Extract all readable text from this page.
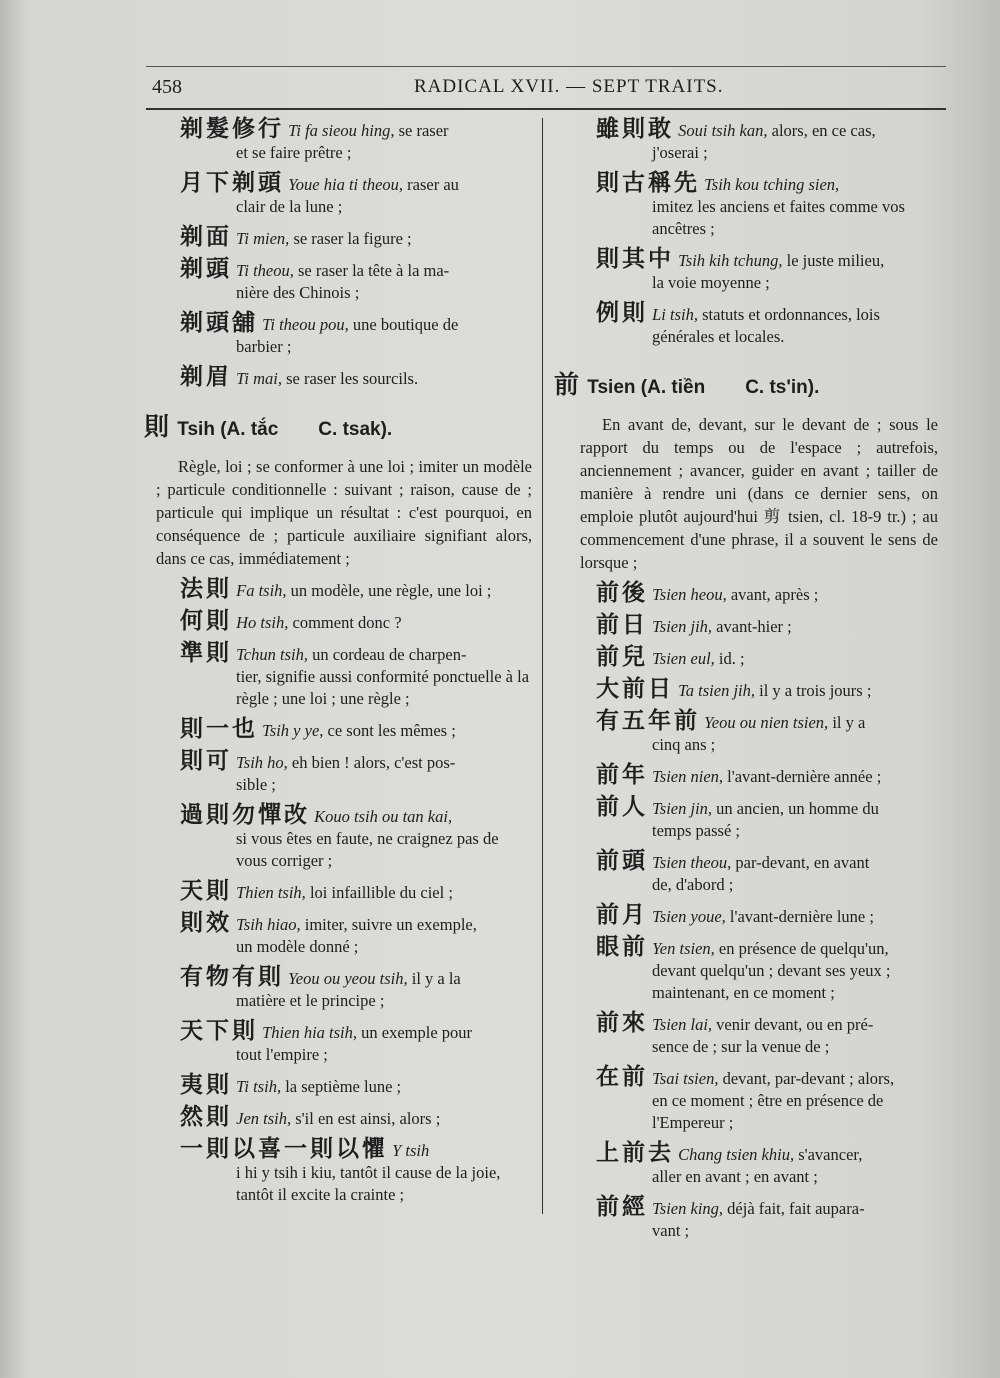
458	RADICAL XVII. — SEPT TRAITS.
剃髮修行 Ti fa sieou hing, se raser
et se faire prêtre ;
月下剃頭 Youe hia ti theou, raser au
clair de la lune ;
剃面 Ti mien, se raser la figure ;
剃頭 Ti theou, se raser la tête à la ma-
nière des Chinois ;
剃頭舖 Ti theou pou, une boutique de
barbier ;
剃眉 Ti mai, se raser les sourcils.
則 Tsih (A. tắc C. tsak).
Règle, loi ; se conformer à une loi ; imiter un modèle ; particule conditionnelle : suivant ; raison, cause de ; particule qui implique un résultat : c'est pourquoi, en conséquence de ; particule auxiliaire signifiant alors, dans ce cas, immédiatement ;
法則 Fa tsih, un modèle, une règle, une loi ;
何則 Ho tsih, comment donc ?
準則 Tchun tsih, un cordeau de charpen-
tier, signifie aussi conformité ponctuelle à la règle ; une loi ; une règle ;
則一也 Tsih y ye, ce sont les mêmes ;
則可 Tsih ho, eh bien ! alors, c'est pos-
sible ;
過則勿憚改 Kouo tsih ou tan kai,
si vous êtes en faute, ne craignez pas de vous corriger ;
天則 Thien tsih, loi infaillible du ciel ;
則效 Tsih hiao, imiter, suivre un exemple,
un modèle donné ;
有物有則 Yeou ou yeou tsih, il y a la
matière et le principe ;
天下則 Thien hia tsih, un exemple pour
tout l'empire ;
夷則 Ti tsih, la septième lune ;
然則 Jen tsih, s'il en est ainsi, alors ;
一則以喜一則以懼 Y tsih
i hi y tsih i kiu, tantôt il cause de la joie, tantôt il excite la crainte ;
雖則敢 Soui tsih kan, alors, en ce cas,
j'oserai ;
則古稱先 Tsih kou tching sien,
imitez les anciens et faites comme vos ancêtres ;
則其中 Tsih kih tchung, le juste milieu,
la voie moyenne ;
例則 Li tsih, statuts et ordonnances, lois
générales et locales.
前 Tsien (A. tiền C. ts'in).
En avant de, devant, sur le devant de ; sous le rapport du temps ou de l'espace ; autrefois, anciennement ; avancer, guider en avant ; tailler de manière à rendre uni (dans ce dernier sens, on emploie plutôt aujourd'hui 剪 tsien, cl. 18-9 tr.) ; au commencement d'une phrase, il a souvent le sens de lorsque ;
前後 Tsien heou, avant, après ;
前日 Tsien jih, avant-hier ;
前兒 Tsien eul, id. ;
大前日 Ta tsien jih, il y a trois jours ;
有五年前 Yeou ou nien tsien, il y a
cinq ans ;
前年 Tsien nien, l'avant-dernière année ;
前人 Tsien jin, un ancien, un homme du
temps passé ;
前頭 Tsien theou, par-devant, en avant
de, d'abord ;
前月 Tsien youe, l'avant-dernière lune ;
眼前 Yen tsien, en présence de quelqu'un,
devant quelqu'un ; devant ses yeux ; maintenant, en ce moment ;
前來 Tsien lai, venir devant, ou en pré-
sence de ; sur la venue de ;
在前 Tsai tsien, devant, par-devant ; alors,
en ce moment ; être en présence de l'Empereur ;
上前去 Chang tsien khiu, s'avancer,
aller en avant ; en avant ;
前經 Tsien king, déjà fait, fait aupara-
vant ;
